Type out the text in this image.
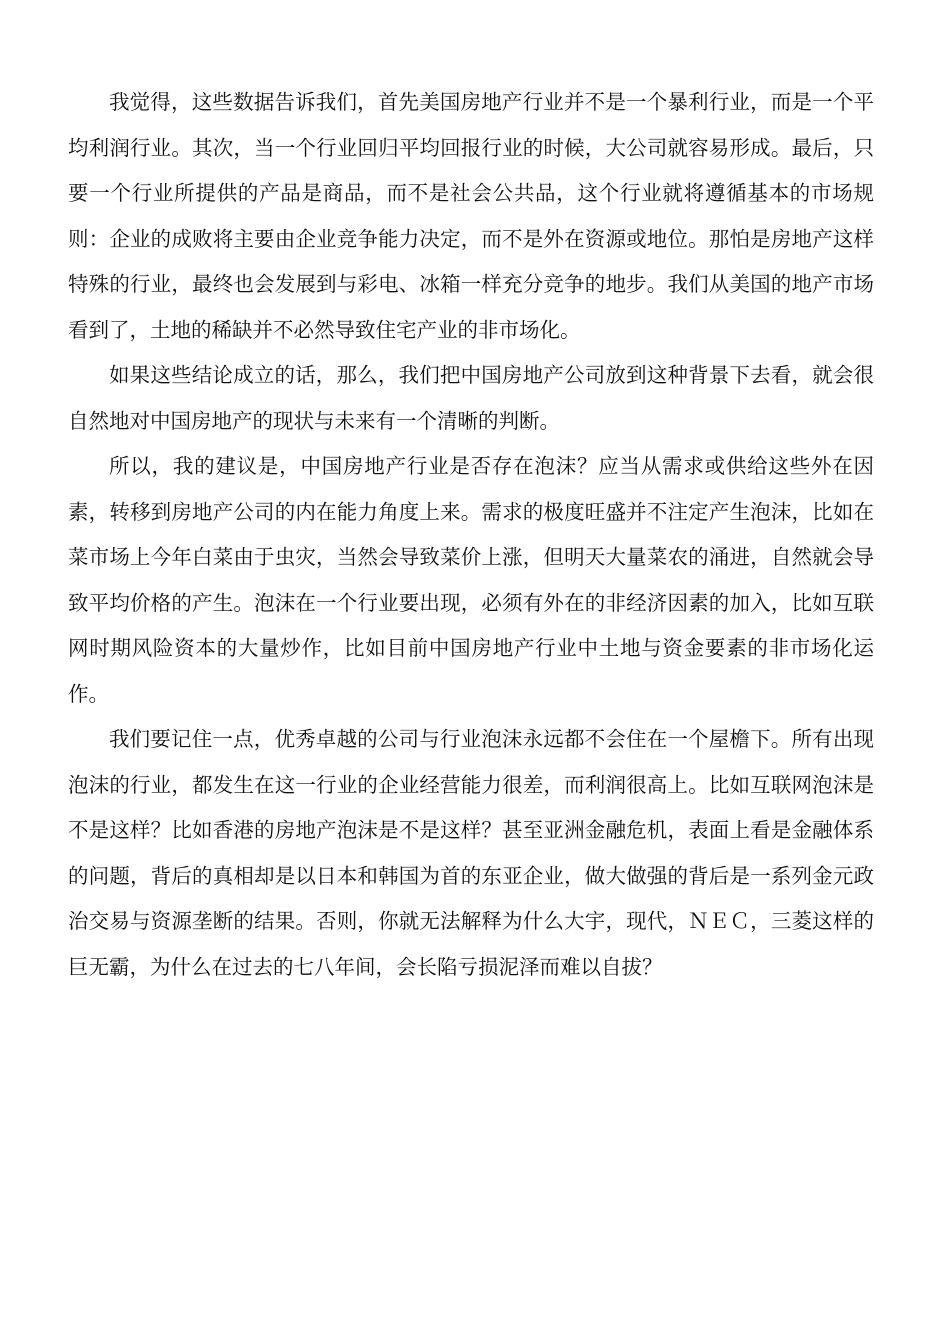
我觉得，这些数据告诉我们，首先美国房地产行业并不是一个暴利行业，而是一个平均利润行业。其次，当一个行业回归平均回报行业的时候，大公司就容易形成。最后，只要一个行业所提供的产品是商品，而不是社会公共品，这个行业就将遵循基本的市场规则：企业的成败将主要由企业竞争能力决定，而不是外在资源或地位。那怕是房地产这样特殊的行业，最终也会发展到与彩电、冰箱一样充分竞争的地步。我们从美国的地产市场看到了，土地的稀缺并不必然导致住宅产业的非市场化。

如果这些结论成立的话，那么，我们把中国房地产公司放到这种背景下去看，就会很自然地对中国房地产的现状与未来有一个清晰的判断。

所以，我的建议是，中国房地产行业是否存在泡沫？应当从需求或供给这些外在因素，转移到房地产公司的内在能力角度上来。需求的极度旺盛并不注定产生泡沫，比如在菜市场上今年白菜由于虫灾，当然会导致菜价上涨，但明天大量菜农的涌进，自然就会导致平均价格的产生。泡沫在一个行业要出现，必须有外在的非经济因素的加入，比如互联网时期风险资本的大量炒作，比如目前中国房地产行业中土地与资金要素的非市场化运作。

我们要记住一点，优秀卓越的公司与行业泡沫永远都不会住在一个屋檐下。所有出现泡沫的行业，都发生在这一行业的企业经营能力很差，而利润很高上。比如互联网泡沫是不是这样？比如香港的房地产泡沫是不是这样？甚至亚洲金融危机，表面上看是金融体系的问题，背后的真相却是以日本和韩国为首的东亚企业，做大做强的背后是一系列金元政治交易与资源垄断的结果。否则，你就无法解释为什么大宇，现代，ＮＥＣ，三菱这样的巨无霸，为什么在过去的七八年间，会长陷亏损泥泽而难以自拔？
